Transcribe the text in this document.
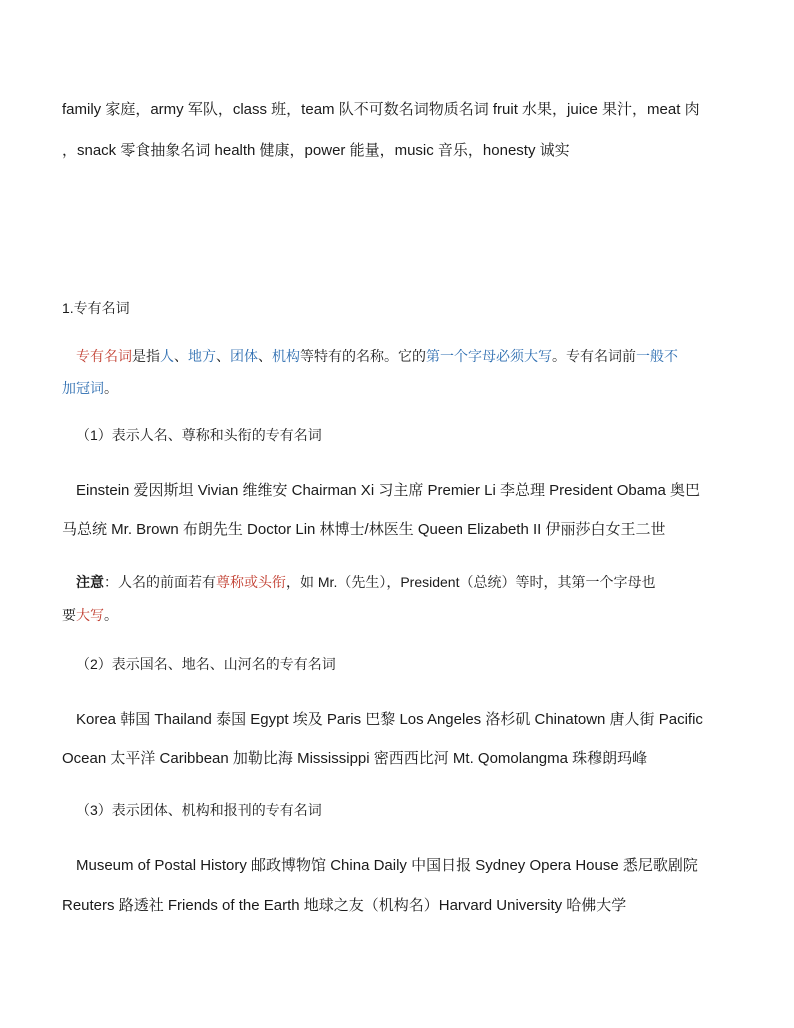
family 家庭，army 军队，class 班，team 队不可数名词物质名词 fruit 水果，juice 果汁，meat 肉
，snack 零食抽象名词 health 健康，power 能量，music 音乐，honesty 诚实
1.专有名词
专有名词是指人、地方、团体、机构等特有的名称。它的第一个字母必须大写。专有名词前一般不
加冠词。
（1）表示人名、尊称和头衔的专有名词
Einstein 爱因斯坦 Vivian 维维安 Chairman Xi 习主席 Premier Li 李总理 President Obama 奥巴
马总统 Mr. Brown 布朗先生 Doctor Lin 林博士/林医生 Queen Elizabeth II 伊丽莎白女王二世
注意：人名的前面若有尊称或头衔，如 Mr.（先生），President（总统）等时，其第一个字母也
要大写。
（2）表示国名、地名、山河名的专有名词
Korea 韩国 Thailand 泰国 Egypt 埃及 Paris 巴黎 Los Angeles 洛杉矶 Chinatown 唐人街 Pacific
Ocean 太平洋 Caribbean 加勒比海 Mississippi 密西西比河 Mt. Qomolangma 珠穆朗玛峰
（3）表示团体、机构和报刊的专有名词
Museum of Postal History 邮政博物馆 China Daily 中国日报 Sydney Opera House 悉尼歌剧院
Reuters 路透社 Friends of the Earth 地球之友（机构名）Harvard University 哈佛大学
